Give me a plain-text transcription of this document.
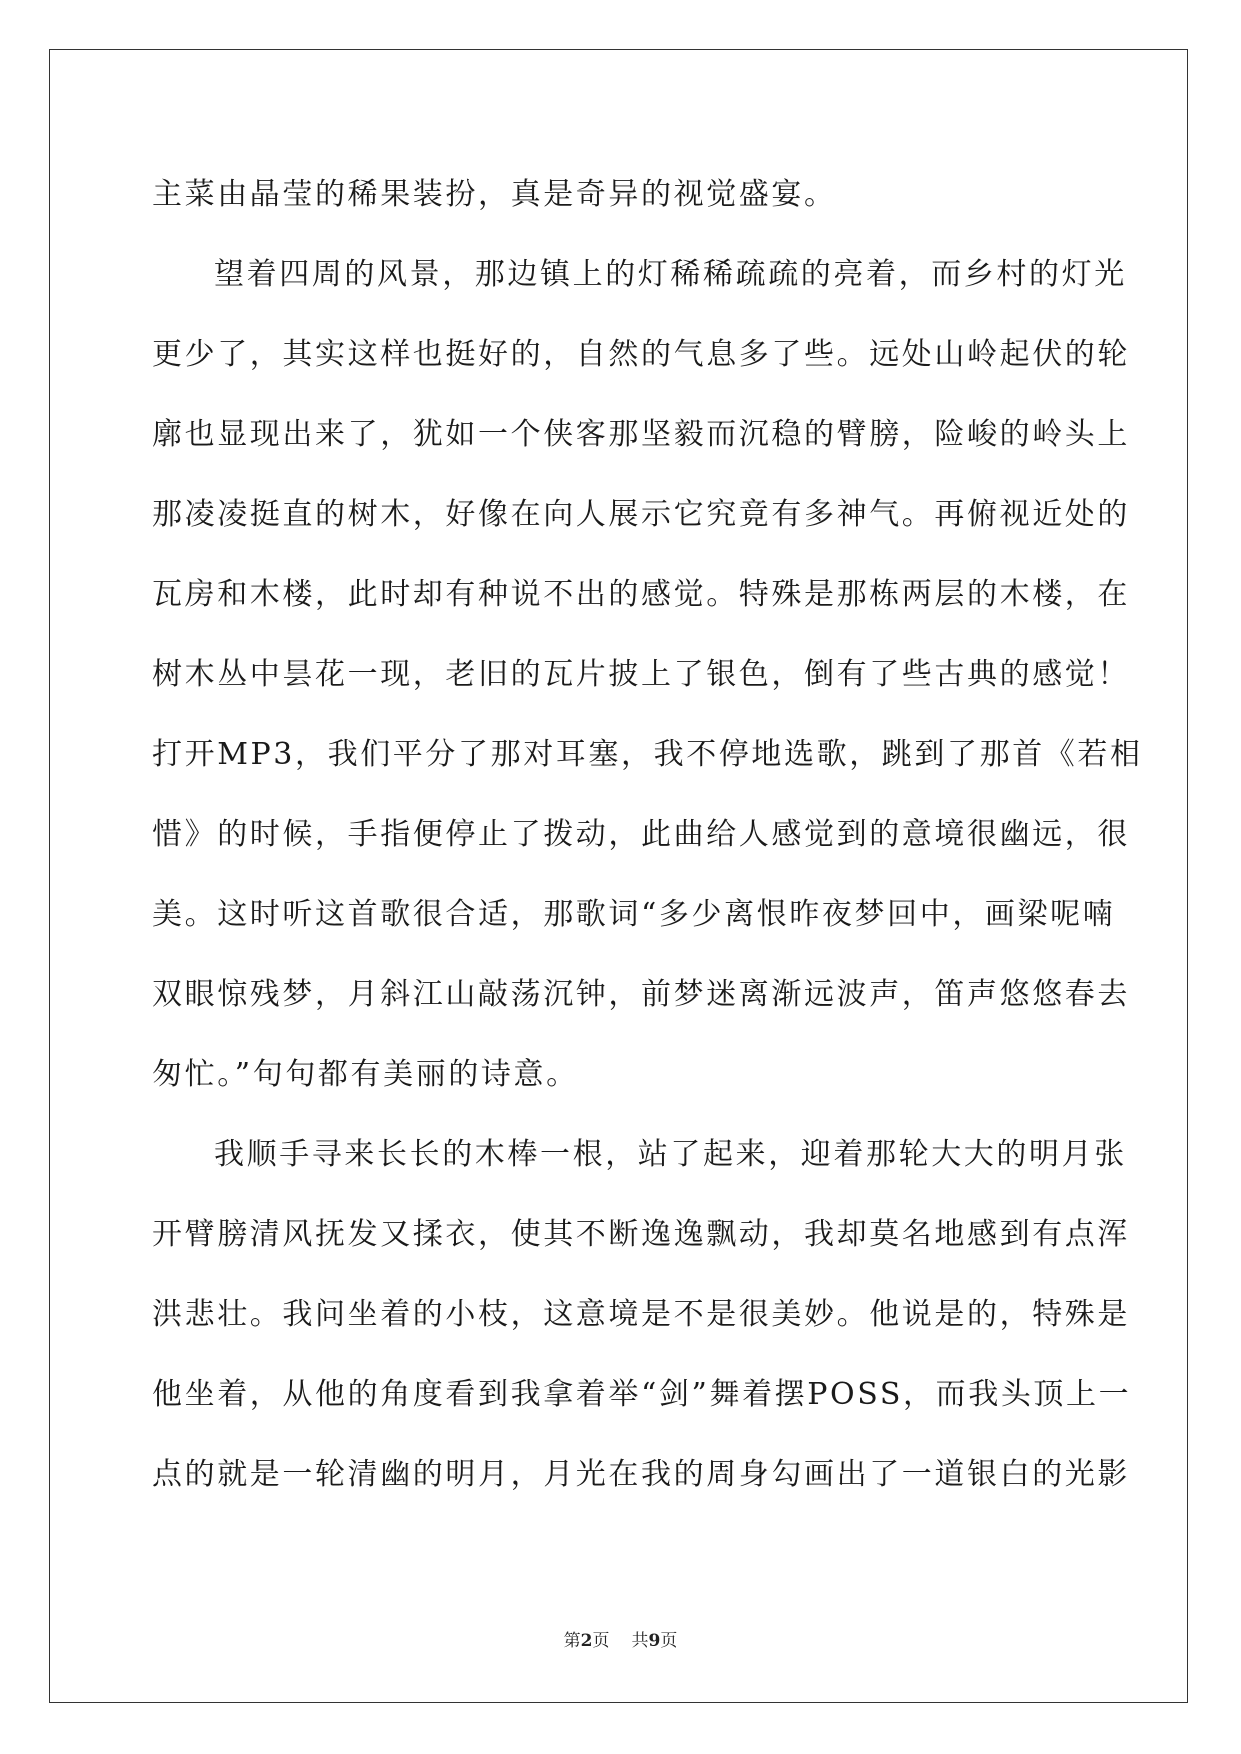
主菜由晶莹的稀果装扮，真是奇异的视觉盛宴。
望着四周的风景，那边镇上的灯稀稀疏疏的亮着，而乡村的灯光
更少了，其实这样也挺好的，自然的气息多了些。远处山岭起伏的轮
廓也显现出来了，犹如一个侠客那坚毅而沉稳的臂膀，险峻的岭头上
那凌凌挺直的树木，好像在向人展示它究竟有多神气。再俯视近处的
瓦房和木楼，此时却有种说不出的感觉。特殊是那栋两层的木楼，在
树木丛中昙花一现，老旧的瓦片披上了银色，倒有了些古典的感觉！
打开MP3，我们平分了那对耳塞，我不停地选歌，跳到了那首《若相
惜》的时候，手指便停止了拨动，此曲给人感觉到的意境很幽远，很
美。这时听这首歌很合适，那歌词“多少离恨昨夜梦回中，画梁呢喃
双眼惊残梦，月斜江山敲荡沉钟，前梦迷离渐远波声，笛声悠悠春去
匆忙。”句句都有美丽的诗意。
我顺手寻来长长的木棒一根，站了起来，迎着那轮大大的明月张
开臂膀清风抚发又揉衣，使其不断逸逸飘动，我却莫名地感到有点浑
洪悲壮。我问坐着的小枝，这意境是不是很美妙。他说是的，特殊是
他坐着，从他的角度看到我拿着举“剑”舞着摆POSS，而我头顶上一
点的就是一轮清幽的明月，月光在我的周身勾画出了一道银白的光影
第2页 共9页
